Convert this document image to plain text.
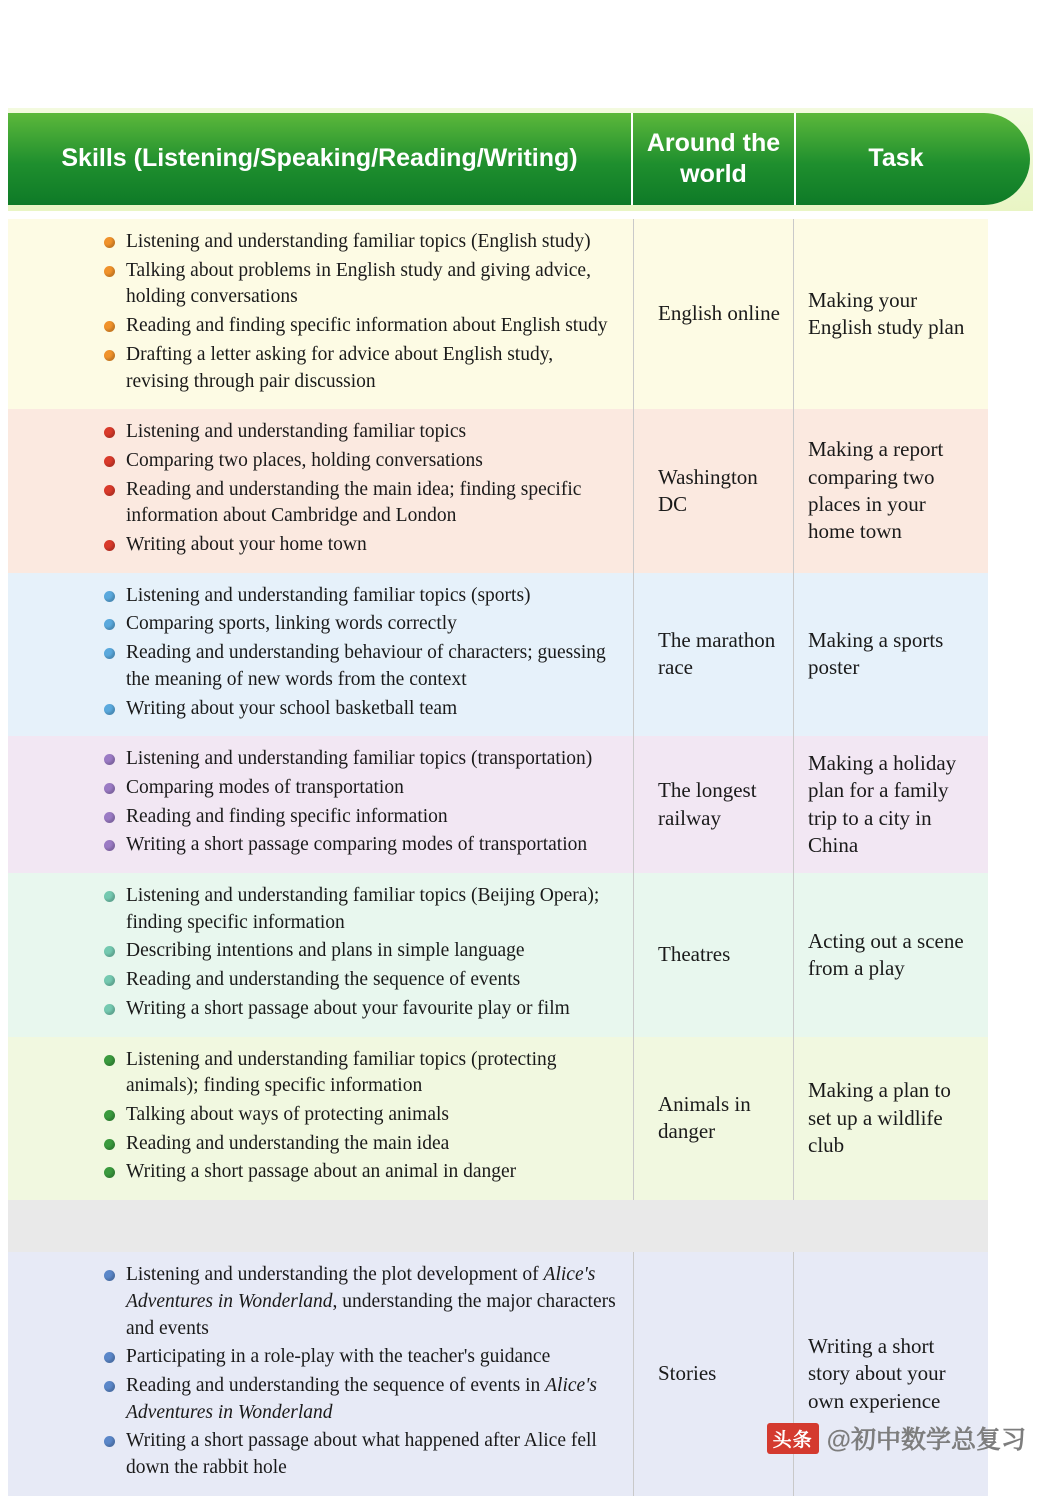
Skills (Listening/Speaking/Reading/Writing)
Around the world
Task
Listening and understanding familiar topics (English study)
Talking about problems in English study and giving advice, holding conversations
Reading and finding specific information about English study
Drafting a letter asking for advice about English study, revising through pair discussion
English online
Making your English study plan
Listening and understanding familiar topics
Comparing two places, holding conversations
Reading and understanding the main idea; finding specific information about Cambridge and London
Writing about your home town
Washington DC
Making a report comparing two places in your home town
Listening and understanding familiar topics (sports)
Comparing sports, linking words correctly
Reading and understanding behaviour of characters; guessing the meaning of new words from the context
Writing about your school basketball team
The marathon race
Making a sports poster
Listening and understanding familiar topics (transportation)
Comparing modes of transportation
Reading and finding specific information
Writing a short passage comparing modes of transportation
The longest railway
Making a holiday plan for a family trip to a city in China
Listening and understanding familiar topics (Beijing Opera); finding specific information
Describing intentions and plans in simple language
Reading and understanding the sequence of events
Writing a short passage about your favourite play or film
Theatres
Acting out a scene from a play
Listening and understanding familiar topics (protecting animals); finding specific information
Talking about ways of protecting animals
Reading and understanding the main idea
Writing a short passage about an animal in danger
Animals in danger
Making a plan to set up a wildlife club
Listening and understanding the plot development of Alice's Adventures in Wonderland, understanding the major characters and events
Participating in a role-play with the teacher's guidance
Reading and understanding the sequence of events in Alice's Adventures in Wonderland
Writing a short passage about what happened after Alice fell down the rabbit hole
Stories
Writing a short story about your own experience
头条 @初中数学总复习
